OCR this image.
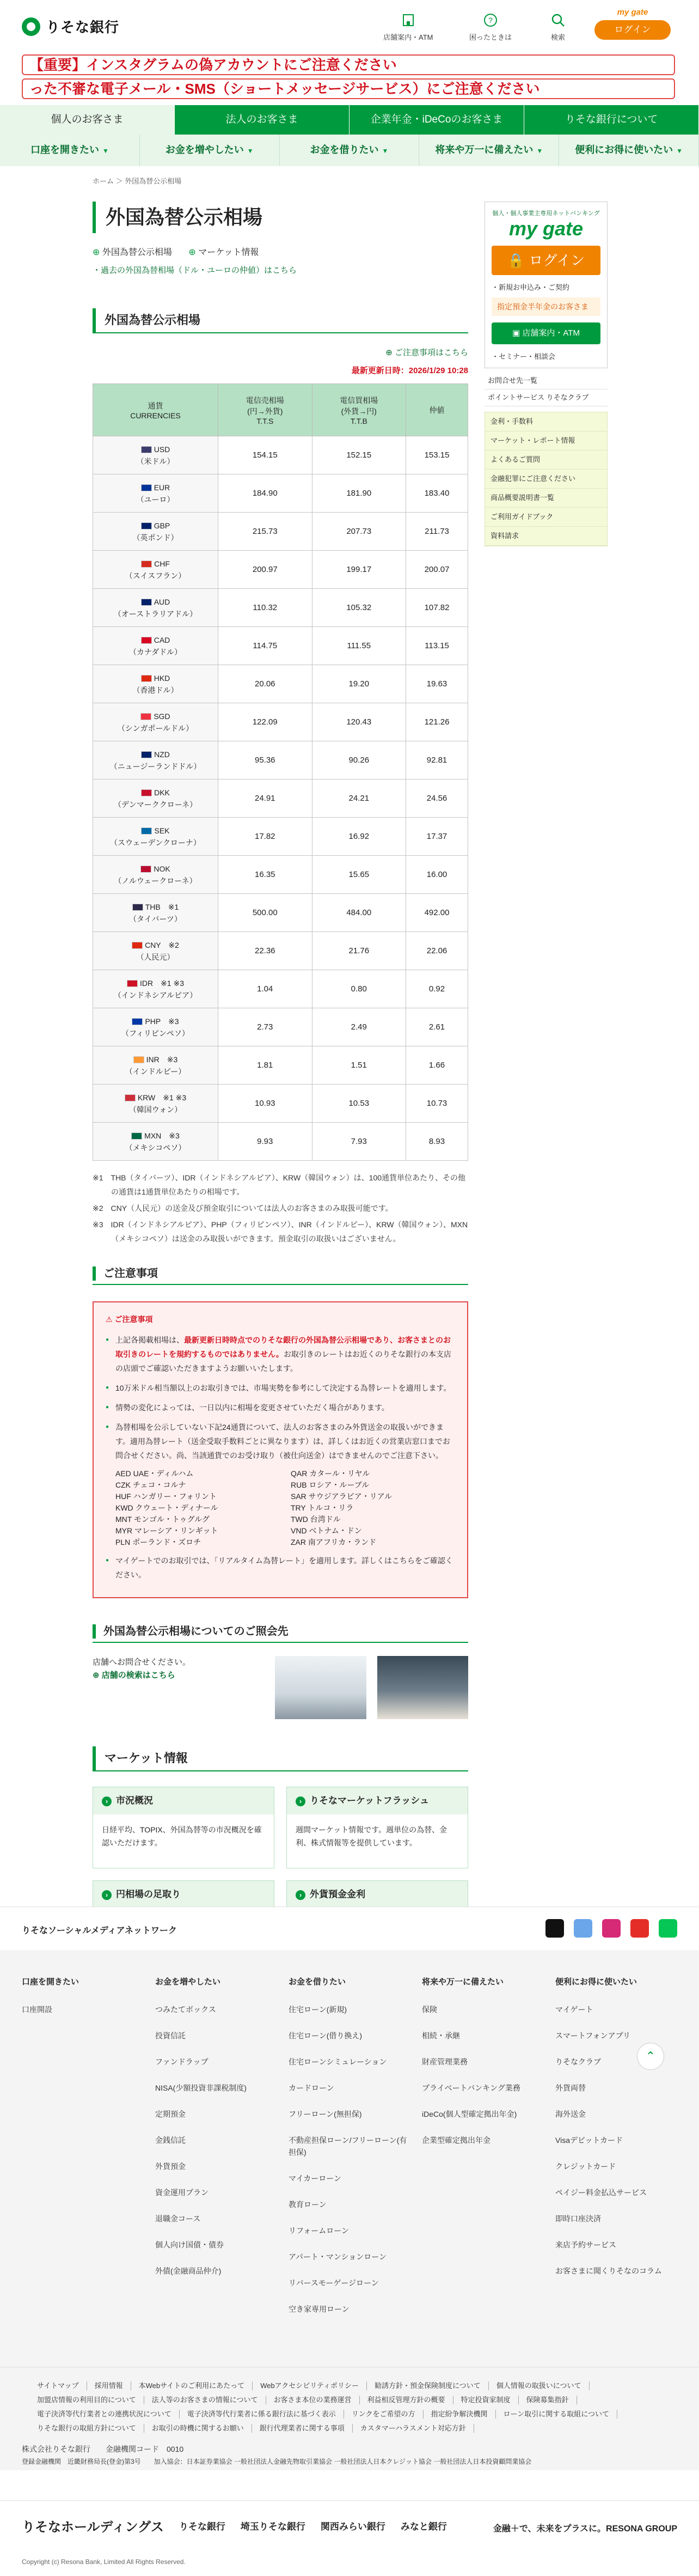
りそな銀行
店舗案内・ATM
?
困ったときは	検索
my gate
ログイン
【重要】インスタグラムの偽アカウントにご注意ください
った不審な電子メール・SMS（ショートメッセージサービス）にご注意ください
個人のお客さま	法人のお客さま	企業年金・iDeCoのお客さま	りそな銀行について
口座を開きたい ▼	お金を増やしたい ▼	お金を借りたい ▼	将来や万一に備えたい ▼	便利にお得に使いたい ▼
ホーム ＞ 外国為替公示相場
外国為替公示相場
⊕ 外国為替公示相場 ⊕ マーケット情報
・過去の外国為替相場（ドル・ユーロの仲値）はこちら
外国為替公示相場
⊕ ご注意事項はこちら
最新更新日時：2026/1/29 10:28
通貨
CURRENCIES	電信売相場
(円→外貨)
T.T.S	電信買相場
(外貨→円)
T.T.B	仲値
USD
（米ドル）	154.15	152.15	153.15
EUR
（ユーロ）	184.90	181.90	183.40
GBP
（英ポンド）	215.73	207.73	211.73
CHF
（スイスフラン）	200.97	199.17	200.07
AUD
（オーストラリアドル）	110.32	105.32	107.82
CAD
（カナダドル）	114.75	111.55	113.15
HKD
（香港ドル）	20.06	19.20	19.63
SGD
（シンガポールドル）	122.09	120.43	121.26
NZD
（ニュージーランドドル）	95.36	90.26	92.81
DKK
（デンマーククローネ）	24.91	24.21	24.56
SEK
（スウェーデンクローナ）	17.82	16.92	17.37
NOK
（ノルウェークローネ）	16.35	15.65	16.00
THB　※1
（タイバーツ）	500.00	484.00	492.00
CNY　※2
（人民元）	22.36	21.76	22.06
IDR　※1 ※3
（インドネシアルピア）	1.04	0.80	0.92
PHP　※3
（フィリピンペソ）	2.73	2.49	2.61
INR　※3
（インドルピー）	1.81	1.51	1.66
KRW　※1 ※3
（韓国ウォン）	10.93	10.53	10.73
MXN　※3
（メキシコペソ）	9.93	7.93	8.93
※1　THB（タイバーツ）、IDR（インドネシアルピア）、KRW（韓国ウォン）は、100通貨単位あたり、その他の通貨は1通貨単位あたりの相場です。
※2　CNY（人民元）の送金及び預金取引については法人のお客さまのみ取扱可能です。
※3　IDR（インドネシアルピア）、PHP（フィリピンペソ）、INR（インドルピー）、KRW（韓国ウォン）、MXN（メキシコペソ）は送金のみ取扱いができます。預金取引の取扱いはございません。
ご注意事項
⚠ ご注意事項
● 上記各掲載相場は、最新更新日時時点でのりそな銀行の外国為替公示相場であり、お客さまとのお取引きのレートを規約するものではありません。お取引きのレートはお近くのりそな銀行の本支店の店頭でご確認いただきますようお願いいたします。
● 10万米ドル相当額以上のお取引きでは、市場実勢を参考にして決定する為替レートを適用します。
● 情勢の変化によっては、一日以内に相場を変更させていただく場合があります。
● 為替相場を公示していない下記24通貨について、法人のお客さまのみ外貨送金の取扱いができます。適用為替レート（送金受取手数料ごとに異なります）は、詳しくはお近くの営業店窓口までお問合せください。尚、当該通貨でのお受け取り（被仕向送金）はできませんのでご注意下さい。
AED UAE・ディルハム	QAR カタール・リヤル
CZK チェコ・コルナ	RUB ロシア・ルーブル
HUF ハンガリー・フォリント	SAR サウジアラビア・リアル
KWD クウェート・ディナール	TRY トルコ・リラ
MNT モンゴル・トゥグルグ	TWD 台湾ドル
MYR マレーシア・リンギット	VND ベトナム・ドン
PLN ポーランド・ズロチ	ZAR 南アフリカ・ランド
● マイゲートでのお取引では、「リアルタイム為替レート」を適用します。詳しくはこちらをご確認ください。
外国為替公示相場についてのご照会先
店舗へお問合せください。
⊕ 店舗の検索はこちら
マーケット情報
› 市況概況
日経平均、TOPIX、外国為替等の市況概況を確認いただけます。
› りそなマーケットフラッシュ
週間マーケット情報です。週単位の為替、金利、株式情報等を提供しています。
› 円相場の足取り	› 外貨預金金利
個人・個人事業主専用ネットバンキング
my gate
🔒 ログイン
・新規お申込み・ご契約
指定預金半年金のお客さま
▣ 店舗案内・ATM
・セミナー・相談会
お問合せ先一覧
ポイントサービス りそなクラブ
金利・手数料
マーケット・レポート情報
よくあるご質問
金融犯罪にご注意ください
商品概要説明書一覧
ご利用ガイドブック
資料請求
りそなソーシャルメディアネットワーク
⌃
口座を開きたい
口座開設
お金を増やしたい
つみたてボックス
投資信託
ファンドラップ
NISA(少額投資非課税制度)
定期預金
金銭信託
外貨預金
資金運用プラン
退職金コース
個人向け国債・債券
外債(金融商品仲介)
お金を借りたい
住宅ローン(新規)
住宅ローン(借り換え)
住宅ローンシミュレーション
カードローン
フリーローン(無担保)
不動産担保ローン/フリーローン(有担保)
マイカーローン
教育ローン
リフォームローン
アパート・マンションローン
リバースモーゲージローン
空き家専用ローン
将来や万一に備えたい
保険
相続・承継
財産管理業務
プライベートバンキング業務
iDeCo(個人型確定拠出年金)
企業型確定拠出年金
便利にお得に使いたい
マイゲート
スマートフォンアプリ
りそなクラブ
外貨両替
海外送金
Visaデビットカード
クレジットカード
ペイジー料金払込サービス
即時口座決済
来店予約サービス
お客さまに聞くりそなのコラム
サイトマップ	採用情報	本Webサイトのご利用にあたって	Webアクセシビリティポリシー	勧誘方針・預金保険制度について	個人情報の取扱いについて
加盟店情報の利用目的について	法人等のお客さまの情報について	お客さま本位の業務運営	利益相反管理方針の概要	特定投資家制度	保険募集指針
電子決済等代行業者との連携状況について	電子決済等代行業者に係る銀行法に基づく表示	リンクをご希望の方	指定紛争解決機関	ローン取引に関する取組について
りそな銀行の取組方針について	お取引の時機に関するお願い	銀行代理業者に関する事項	カスタマーハラスメント対応方針
株式会社りそな銀行　　金融機関コード　0010
登録金融機関　近畿財務局長(登金)第3号　　加入協会：日本証券業協会 一般社団法人金融先物取引業協会 一般社団法人日本クレジット協会 一般社団法人日本投資顧問業協会
りそなホールディングス りそな銀行 埼玉りそな銀行 関西みらい銀行 みなと銀行	金融＋で、未来をプラスに。RESONA GROUP
Copyright (c) Resona Bank, Limited All Rights Reserved.
